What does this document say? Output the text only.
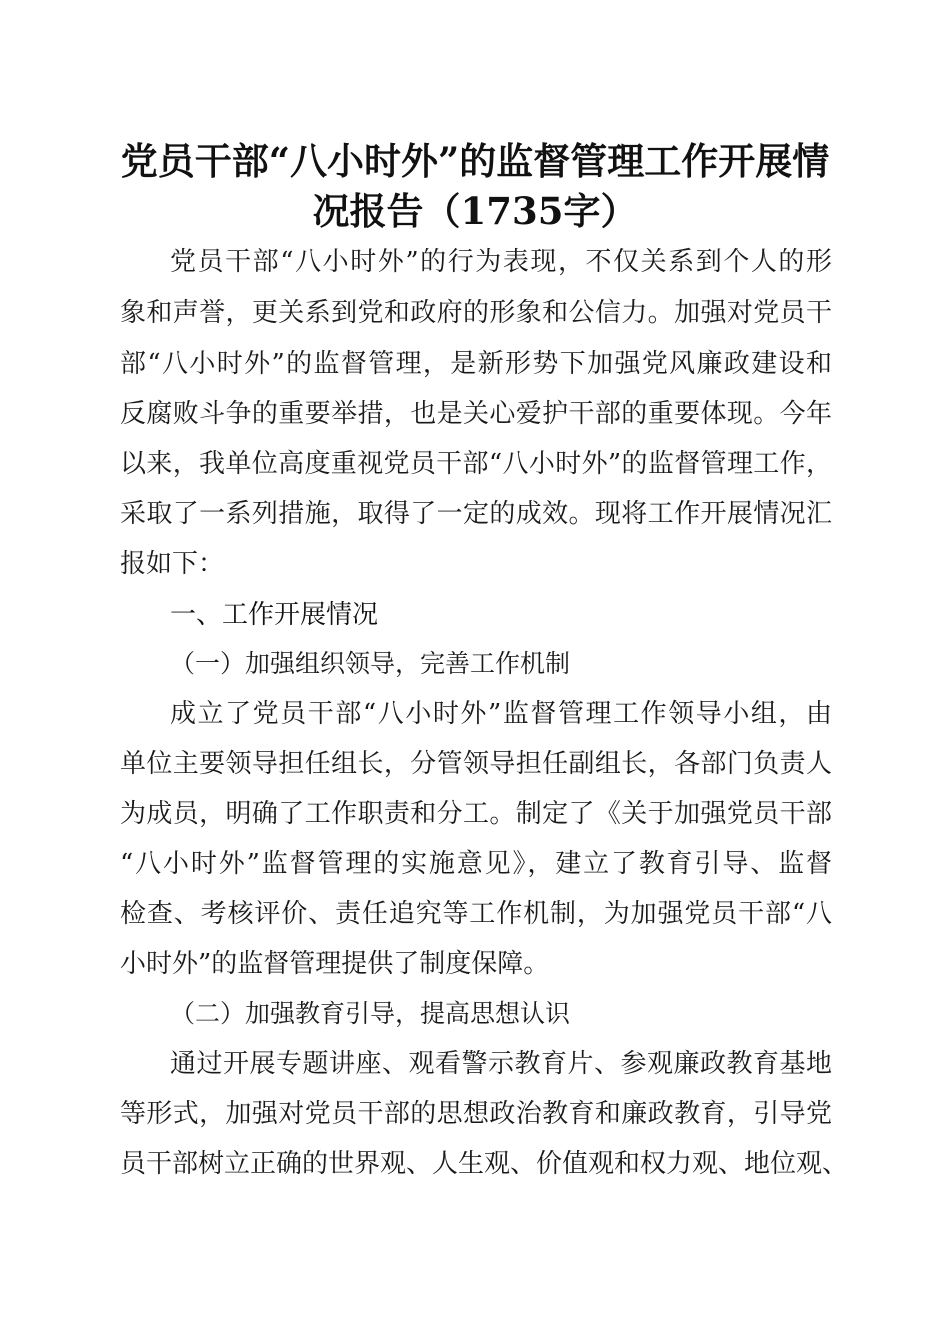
党员干部“八小时外”的监督管理工作开展情
况报告（1735字）
党员干部“八小时外”的行为表现，不仅关系到个人的形
象和声誉，更关系到党和政府的形象和公信力。加强对党员干
部“八小时外”的监督管理，是新形势下加强党风廉政建设和
反腐败斗争的重要举措，也是关心爱护干部的重要体现。今年
以来，我单位高度重视党员干部“八小时外”的监督管理工作，
采取了一系列措施，取得了一定的成效。现将工作开展情况汇
报如下：
一、工作开展情况
（一）加强组织领导，完善工作机制
成立了党员干部“八小时外”监督管理工作领导小组，由
单位主要领导担任组长，分管领导担任副组长，各部门负责人
为成员，明确了工作职责和分工。制定了《关于加强党员干部
“八小时外”监督管理的实施意见》，建立了教育引导、监督
检查、考核评价、责任追究等工作机制，为加强党员干部“八
小时外”的监督管理提供了制度保障。
（二）加强教育引导，提高思想认识
通过开展专题讲座、观看警示教育片、参观廉政教育基地
等形式，加强对党员干部的思想政治教育和廉政教育，引导党
员干部树立正确的世界观、人生观、价值观和权力观、地位观、
